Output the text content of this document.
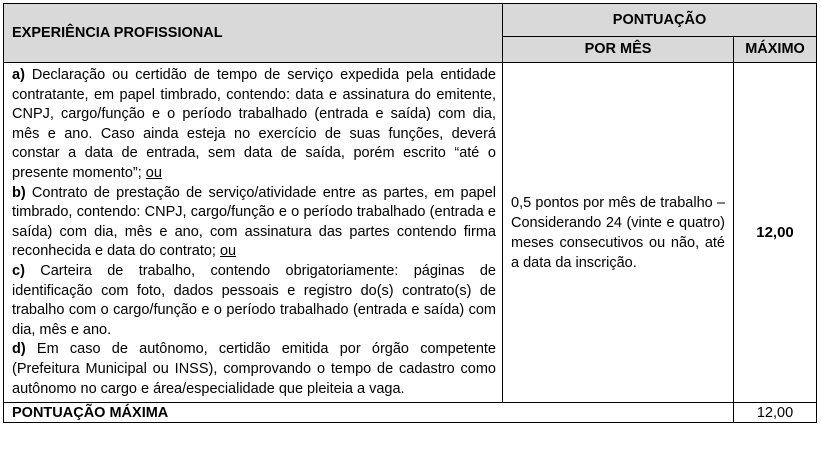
EXPERIÊNCIA PROFISSIONAL	PONTUAÇÃO	
	POR MÊS	MÁXIMO

a) Declaração ou certidão de tempo de serviço expedida pela entidade contratante, em papel timbrado, contendo: data e assinatura do emitente, CNPJ, cargo/função e o período trabalhado (entrada e saída) com dia, mês e ano. Caso ainda esteja no exercício de suas funções, deverá constar a data de entrada, sem data de saída, porém escrito “até o presente momento”; ou

b) Contrato de prestação de serviço/atividade entre as partes, em papel timbrado, contendo: CNPJ, cargo/função e o período trabalhado (entrada e saída) com dia, mês e ano, com assinatura das partes contendo firma reconhecida e data do contrato; ou

c) Carteira de trabalho, contendo obrigatoriamente: páginas de identificação com foto, dados pessoais e registro do(s) contrato(s) de trabalho com o cargo/função e o período trabalhado (entrada e saída) com dia, mês e ano.

d) Em caso de autônomo, certidão emitida por órgão competente (Prefeitura Municipal ou INSS), comprovando o tempo de cadastro como autônomo no cargo e área/especialidade que pleiteia a vaga.	0,5 pontos por mês de trabalho – Considerando 24 (vinte e quatro) meses consecutivos ou não, até a data da inscrição.	12,00
PONTUAÇÃO MÁXIMA		12,00
